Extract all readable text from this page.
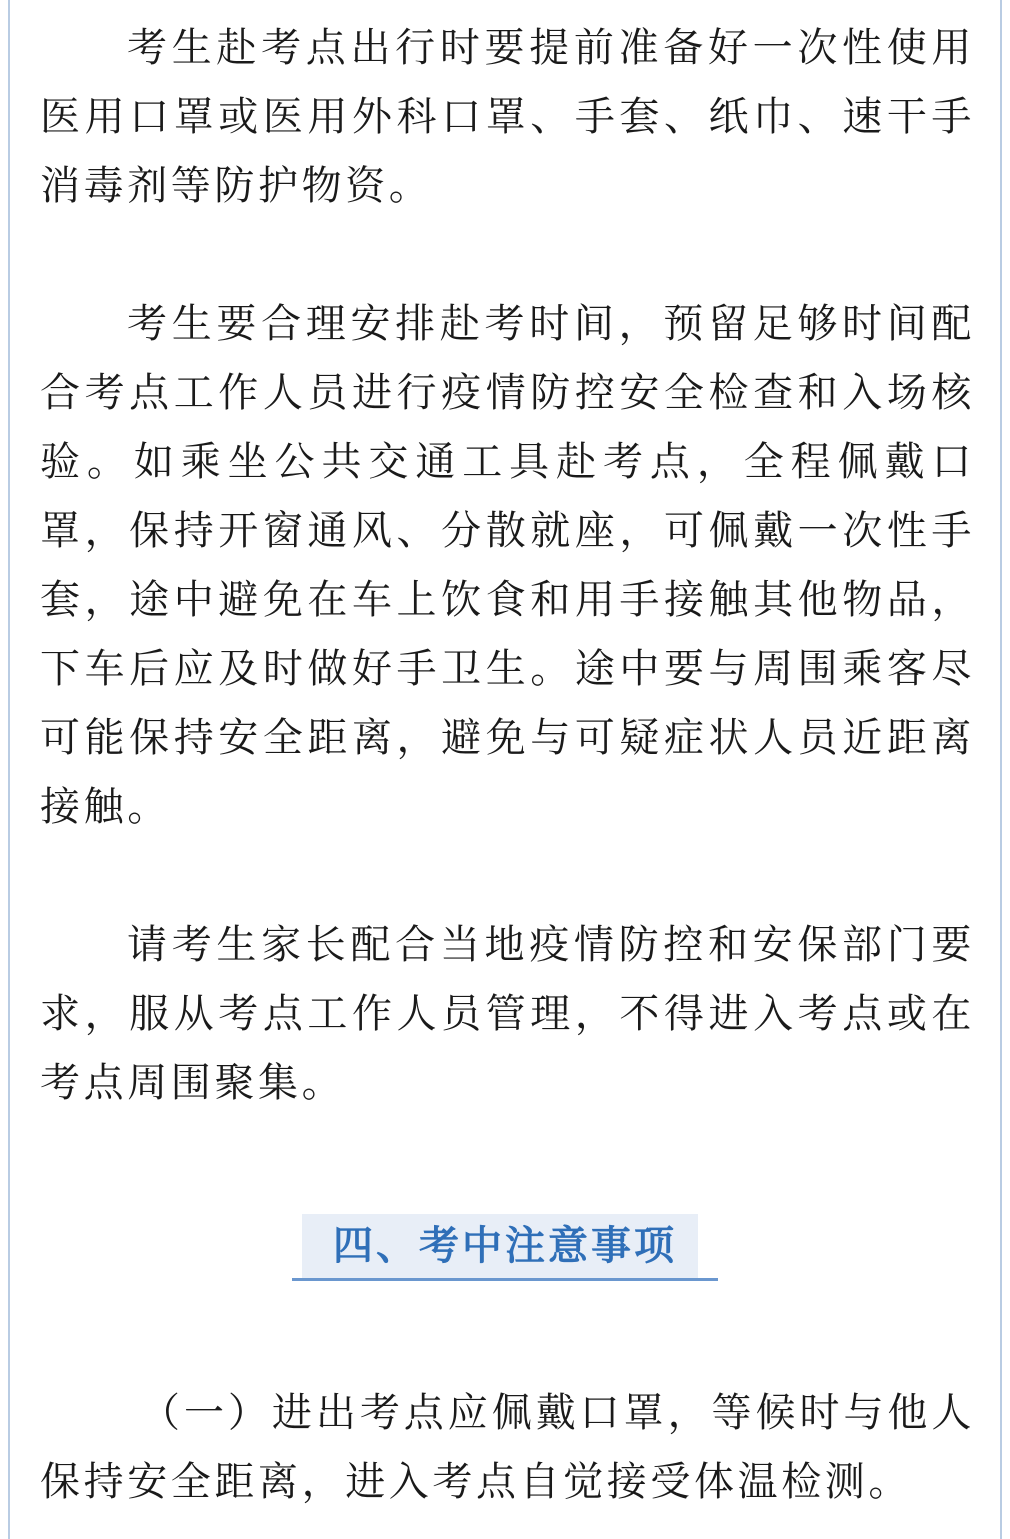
考生赴考点出行时要提前准备好一次性使用医用口罩或医用外科口罩、手套、纸巾、速干手消毒剂等防护物资。

考生要合理安排赴考时间，预留足够时间配合考点工作人员进行疫情防控安全检查和入场核验。如乘坐公共交通工具赴考点，全程佩戴口罩，保持开窗通风、分散就座，可佩戴一次性手套，途中避免在车上饮食和用手接触其他物品，下车后应及时做好手卫生。途中要与周围乘客尽可能保持安全距离，避免与可疑症状人员近距离接触。

请考生家长配合当地疫情防控和安保部门要求，服从考点工作人员管理，不得进入考点或在考点周围聚集。

四、考中注意事项

（一）进出考点应佩戴口罩，等候时与他人保持安全距离，进入考点自觉接受体温检测。
